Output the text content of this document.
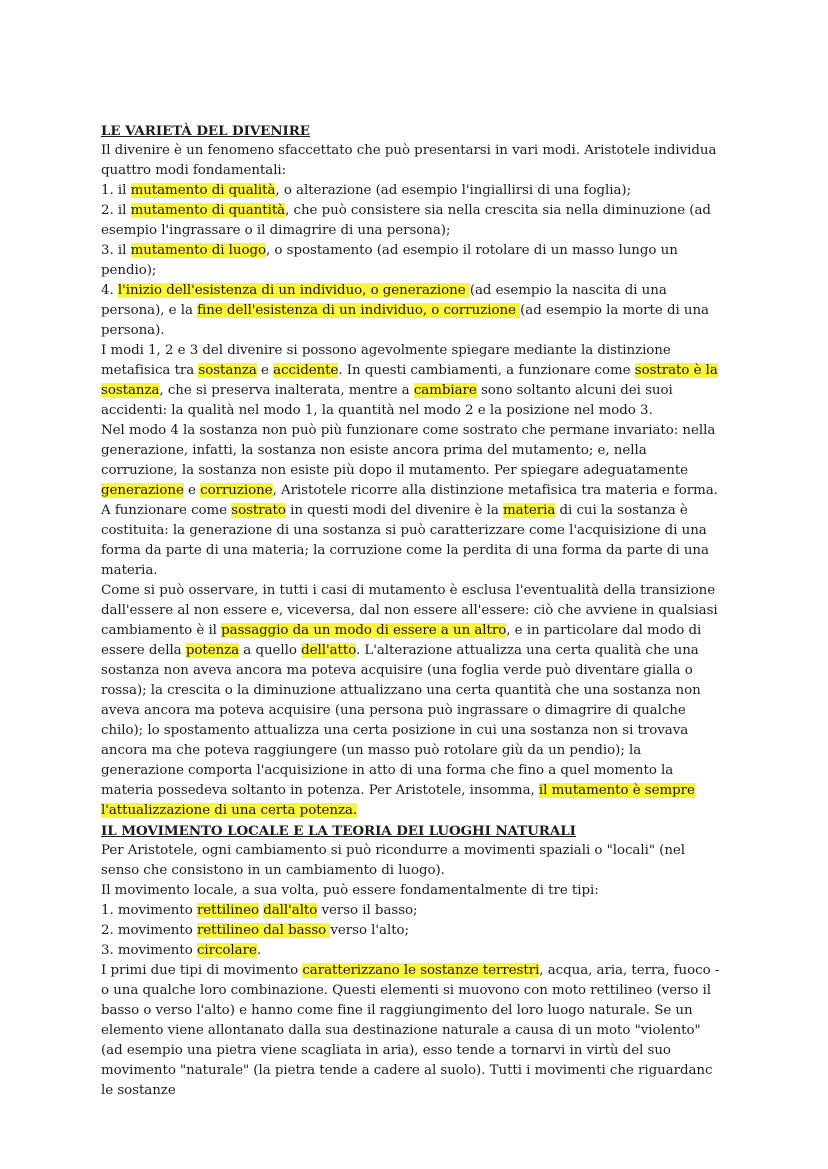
LE VARIETÀ DEL DIVENIRE
Il divenire è un fenomeno sfaccettato che può presentarsi in vari modi. Aristotele individua quattro modi fondamentali:
1. il mutamento di qualità, o alterazione (ad esempio l'ingiallirsi di una foglia);
2. il mutamento di quantità, che può consistere sia nella crescita sia nella diminuzione (ad esempio l'ingrassare o il dimagrire di una persona);
3. il mutamento di luogo, o spostamento (ad esempio il rotolare di un masso lungo un pendio);
4. l'inizio dell'esistenza di un individuo, o generazione (ad esempio la nascita di una persona), e la fine dell'esistenza di un individuo, o corruzione (ad esempio la morte di una persona).
I modi 1, 2 e 3 del divenire si possono agevolmente spiegare mediante la distinzione metafisica tra sostanza e accidente. In questi cambiamenti, a funzionare come sostrato è la sostanza, che si preserva inalterata, mentre a cambiare sono soltanto alcuni dei suoi accidenti: la qualità nel modo 1, la quantità nel modo 2 e la posizione nel modo 3.
Nel modo 4 la sostanza non può più funzionare come sostrato che permane invariato: nella generazione, infatti, la sostanza non esiste ancora prima del mutamento; e, nella corruzione, la sostanza non esiste più dopo il mutamento. Per spiegare adeguatamente generazione e corruzione, Aristotele ricorre alla distinzione metafisica tra materia e forma. A funzionare come sostrato in questi modi del divenire è la materia di cui la sostanza è costituita: la generazione di una sostanza si può caratterizzare come l'acquisizione di una forma da parte di una materia; la corruzione come la perdita di una forma da parte di una materia.
Come si può osservare, in tutti i casi di mutamento è esclusa l'eventualità della transizione dall'essere al non essere e, viceversa, dal non essere all'essere: ciò che avviene in qualsiasi cambiamento è il passaggio da un modo di essere a un altro, e in particolare dal modo di essere della potenza a quello dell'atto. L'alterazione attualizza una certa qualità che una sostanza non aveva ancora ma poteva acquisire (una foglia verde può diventare gialla o rossa); la crescita o la diminuzione attualizzano una certa quantità che una sostanza non aveva ancora ma poteva acquisire (una persona può ingrassare o dimagrire di qualche chilo); lo spostamento attualizza una certa posizione in cui una sostanza non si trovava ancora ma che poteva raggiungere (un masso può rotolare giù da un pendio); la generazione comporta l'acquisizione in atto di una forma che fino a quel momento la materia possedeva soltanto in potenza. Per Aristotele, insomma, il mutamento è sempre l'attualizzazione di una certa potenza.
IL MOVIMENTO LOCALE E LA TEORIA DEI LUOGHI NATURALI
Per Aristotele, ogni cambiamento si può ricondurre a movimenti spaziali o "locali" (nel senso che consistono in un cambiamento di luogo).
Il movimento locale, a sua volta, può essere fondamentalmente di tre tipi:
1. movimento rettilineo dall'alto verso il basso;
2. movimento rettilineo dal basso verso l'alto;
3. movimento circolare.
I primi due tipi di movimento caratterizzano le sostanze terrestri, acqua, aria, terra, fuoco - o una qualche loro combinazione. Questi elementi si muovono con moto rettilineo (verso il basso o verso l'alto) e hanno come fine il raggiungimento del loro luogo naturale. Se un elemento viene allontanato dalla sua destinazione naturale a causa di un moto "violento" (ad esempio una pietra viene scagliata in aria), esso tende a tornarvi in virtù del suo movimento "naturale" (la pietra tende a cadere al suolo). Tutti i movimenti che riguardanc le sostanze
